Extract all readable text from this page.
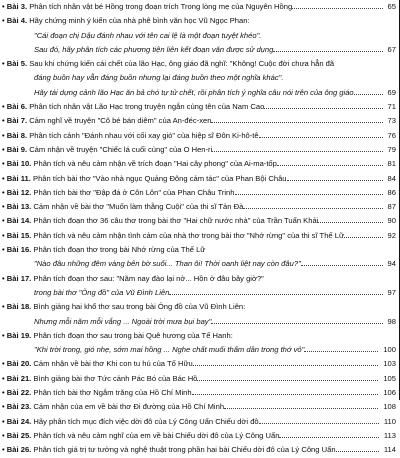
• Bài 3. Phân tích nhân vật bé Hồng trong đoạn trích Trong lòng mẹ của Nguyên Hồng	65
• Bài 4. Hãy chứng minh ý kiến của nhà phê bình văn học Vũ Ngọc Phan:
"Cái đoạn chị Dậu đánh nhau với tên cai lệ là một đoạn tuyệt khéo".
Sau đó, hãy phân tích các phương tiện liên kết đoạn văn được sử dụng	67
• Bài 5. Sau khi chứng kiến cái chết của lão Hạc, ông giáo đã nghĩ: "Không! Cuộc đời chưa hẳn đã
đáng buồn hay vẫn đáng buồn nhưng lại đáng buồn theo một nghĩa khác".
Hãy tái dựng cảnh lão Hạc ăn bả chó tự tử chết, rồi phân tích ý nghĩa câu nói trên của ông giáo	69
• Bài 6. Phân tích nhân vật Lão Hạc trong truyện ngắn cùng tên của Nam Cao	71
• Bài 7. Cảm nghĩ về truyện "Cô bé bán diêm" của An-đéc-xen	73
• Bài 8. Phân tích cảnh "Đánh nhau với cối xay gió" của hiệp sĩ Đôn Ki-hô-tê	76
• Bài 9. Cảm nhận về truyện "Chiếc lá cuối cùng" của O Hen-ri	79
• Bài 10. Phân tích và nêu cảm nhận về trích đoạn "Hai cây phong" của Ai-ma-tốp	81
• Bài 11. Phân tích bài thơ "Vào nhà ngục Quảng Đông cảm tác" của Phan Bội Châu	84
• Bài 12. Phân tích bài thơ "Đập đá ở Côn Lôn" của Phan Châu Trinh	86
• Bài 13. Cảm nhận về bài thơ "Muốn làm thằng Cuội" của thi sĩ Tản Đà	87
• Bài 14. Phân tích đoạn thơ 36 câu thơ trong bài thơ "Hai chữ nước nhà" của Trần Tuấn Khải	90
• Bài 15. Phân tích và nêu cảm nhận tình cảm của nhà thơ trong bài thơ "Nhớ rừng" của thi sĩ Thế Lữ	92
• Bài 16. Phân tích đoạn thơ trong bài Nhớ rừng của Thế Lữ
"Nào đâu những đêm vàng bên bờ suối... Than ôi! Thời oanh liệt nay còn đâu?"	94
• Bài 17. Phân tích đoạn thơ sau: "Năm nay đào lại nở... Hồn ở đâu bây giờ?"
trong bài thơ "Ông đồ" của Vũ Đình Liên	97
• Bài 18. Bình giảng hai khổ thơ sau trong bài Ông đồ của Vũ Đình Liên:
Nhưng mỗi năm mỗi vắng ... Ngoài trời mưa bụi bay"	98
• Bài 19. Phân tích đoạn thơ sau trong bài Quê hương của Tế Hanh:
"Khi trời trong, gió nhẹ, sớm mai hồng ... Nghe chất muối thấm dần trong thớ vỏ"	100
• Bài 20. Cảm nhận về bài thơ Khi con tu hú của Tố Hữu	103
• Bài 21. Bình giảng bài thơ Tức cảnh Pác Bó của Bác Hồ	105
• Bài 22. Phân tích bài thơ Ngắm trăng của Hồ Chí Minh	106
• Bài 23. Cảm nhận của em về bài thơ Đi đường của Hồ Chí Minh	108
• Bài 24. Hãy phân tích mục đích việc dời đô của Lý Công Uẩn Chiếu dời đô	110
• Bài 25. Phân tích và nêu cảm nghĩ của em về bài Chiếu dời đô của Lý Công Uẩn	113
• Bài 26. Phân tích giá trị tư tưởng và nghệ thuật trong phần hai bài Chiếu dời đô của Lý Công Uẩn	114
